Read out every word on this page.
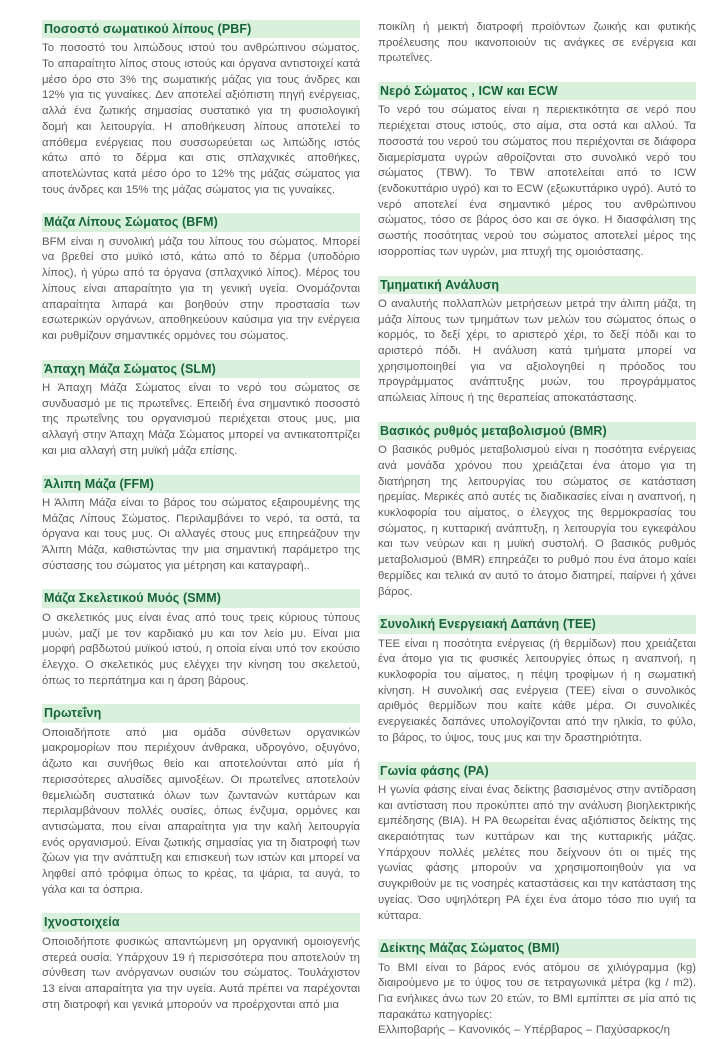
Ποσοστό σωματικού λίπους (PBF)

Το ποσοστό του λιπώδους ιστού του ανθρώπινου σώματος. Το απαραίτητο λίπος στους ιστούς και όργανα αντιστοιχεί κατά μέσο όρο στο 3% της σωματικής μάζας για τους άνδρες και 12% για τις γυναίκες. Δεν αποτελεί αξιόπιστη πηγή ενέργειας, αλλά ένα ζωτικής σημασίας συστατικό για τη φυσιολογική δομή και λειτουργία. Η αποθήκευση λίπους αποτελεί το απόθεμα ενέργειας που συσσωρεύεται ως λιπώδης ιστός κάτω από το δέρμα και στις σπλαχνικές αποθήκες, αποτελώντας κατά μέσο όρο το 12% της μάζας σώματος για τους άνδρες και 15% της μάζας σώματος για τις γυναίκες.

Μάζα Λίπους Σώματος (BFM)

BFM είναι η συνολική μάζα του λίπους του σώματος. Μπορεί να βρεθεί στο μυϊκό ιστό, κάτω από το δέρμα (υποδόριο λίπος), ή γύρω από τα όργανα (σπλαχνικό λίπος). Μέρος του λίπους είναι απαραίτητο για τη γενική υγεία. Ονομάζονται απαραίτητα λιπαρά και βοηθούν στην προστασία των εσωτερικών οργάνων, αποθηκεύουν καύσιμα για την ενέργεια και ρυθμίζουν σημαντικές ορμόνες του σώματος.

Άπαχη Μάζα Σώματος (SLM)

Η Άπαχη Μάζα Σώματος είναι το νερό του σώματος σε συνδυασμό με τις πρωτεΐνες. Επειδή ένα σημαντικό ποσοστό της πρωτεΐνης του οργανισμού περιέχεται στους μυς, μια αλλαγή στην Άπαχη Μάζα Σώματος μπορεί να αντικατοπτρίζει και μια αλλαγή στη μυϊκή μάζα επίσης.

Άλιπη Μάζα (FFM)

Η Άλιπη Μάζα είναι το βάρος του σώματος εξαιρουμένης της Μάζας Λίπους Σώματος. Περιλαμβάνει το νερό, τα οστά, τα όργανα και τους μυς. Οι αλλαγές στους μυς επηρεάζουν την Άλιπη Μάζα, καθιστώντας την μια σημαντική παράμετρο της σύστασης του σώματος για μέτρηση και καταγραφή..

Μάζα Σκελετικού Μυός (SMM)

Ο σκελετικός μυς είναι ένας από τους τρεις κύριους τύπους μυών, μαζί με τον καρδιακό μυ και τον λείο μυ. Είναι μια μορφή ραβδωτού μυϊκού ιστού, η οποία είναι υπό τον εκούσιο έλεγχο. Ο σκελετικός μυς ελέγχει την κίνηση του σκελετού, όπως το περπάτημα και η άρση βάρους.

Πρωτεΐνη

Οποιαδήποτε από μια ομάδα σύνθετων οργανικών μακρομορίων που περιέχουν άνθρακα, υδρογόνο, οξυγόνο, άζωτο και συνήθως θείο και αποτελούνται από μία ή περισσότερες αλυσίδες αμινοξέων. Οι πρωτεΐνες αποτελούν θεμελιώδη συστατικά όλων των ζωντανών κυττάρων και περιλαμβάνουν πολλές ουσίες, όπως ένζυμα, ορμόνες και αντισώματα, που είναι απαραίτητα για την καλή λειτουργία ενός οργανισμού. Είναι ζωτικής σημασίας για τη διατροφή των ζώων για την ανάπτυξη και επισκευή των ιστών και μπορεί να ληφθεί από τρόφιμα όπως το κρέας, τα ψάρια, τα αυγά, το γάλα και τα όσπρια.

Ιχνοστοιχεία

Οποιοδήποτε φυσικώς απαντώμενη μη οργανική ομοιογενής στερεά ουσία. Υπάρχουν 19 ή περισσότερα που αποτελούν τη σύνθεση των ανόργανων ουσιών του σώματος. Τουλάχιστον 13 είναι απαραίτητα για την υγεία. Αυτά πρέπει να παρέχονται στη διατροφή και γενικά μπορούν να προέρχονται από μια

ποικίλη ή μεικτή διατροφή προϊόντων ζωικής και φυτικής προέλευσης που ικανοποιούν τις ανάγκες σε ενέργεια και πρωτεΐνες.

Νερό Σώματος , ICW και ECW

Το νερό του σώματος είναι η περιεκτικότητα σε νερό που περιέχεται στους ιστούς, στο αίμα, στα οστά και αλλού. Τα ποσοστά του νερού του σώματος που περιέχονται σε διάφορα διαμερίσματα υγρών αθροίζονται στο συνολικό νερό του σώματος (TBW). Το TBW αποτελείται από το ICW (ενδοκυττάριο υγρό) και το ECW (εξωκυττάρικο υγρό). Αυτό το νερό αποτελεί ένα σημαντικό μέρος του ανθρώπινου σώματος, τόσο σε βάρος όσο και σε όγκο. Η διασφάλιση της σωστής ποσότητας νερού του σώματος αποτελεί μέρος της ισορροπίας των υγρών, μια πτυχή της ομοιόστασης.

Τμηματική Ανάλυση

Ο αναλυτής πολλαπλών μετρήσεων μετρά την άλιπη μάζα, τη μάζα λίπους των τμημάτων των μελών του σώματος όπως ο κορμός, το δεξί χέρι, το αριστερό χέρι, το δεξί πόδι και το αριστερό πόδι. Η ανάλυση κατά τμήματα μπορεί να χρησιμοποιηθεί για να αξιολογηθεί η πρόοδος του προγράμματος ανάπτυξης μυών, του προγράμματος απώλειας λίπους ή της θεραπείας αποκατάστασης.

Βασικός ρυθμός μεταβολισμού (BMR)

Ο βασικός ρυθμός μεταβολισμού είναι η ποσότητα ενέργειας ανά μονάδα χρόνου που χρειάζεται ένα άτομο για τη διατήρηση της λειτουργίας του σώματος σε κατάσταση ηρεμίας. Μερικές από αυτές τις διαδικασίες είναι η αναπνοή, η κυκλοφορία του αίματος, ο έλεγχος της θερμοκρασίας του σώματος, η κυτταρική ανάπτυξη, η λειτουργία του εγκεφάλου και των νεύρων και η μυϊκή συστολή. Ο βασικός ρυθμός μεταβολισμού (BMR) επηρεάζει το ρυθμό που ένα άτομο καίει θερμίδες και τελικά αν αυτό το άτομο διατηρεί, παίρνει ή χάνει βάρος.

Συνολική Ενεργειακή Δαπάνη (TEE)

TEE είναι η ποσότητα ενέργειας (ή θερμίδων) που χρειάζεται ένα άτομο για τις φυσικές λειτουργίες όπως η αναπνοή, η κυκλοφορία του αίματος, η πέψη τροφίμων ή η σωματική κίνηση. Η συνολική σας ενέργεια (TEE) είναι ο συνολικός αριθμός θερμίδων που καίτε κάθε μέρα. Οι συνολικές ενεργειακές δαπάνες υπολογίζονται από την ηλικία, το φύλο, το βάρος, το ύψος, τους μυς και την δραστηριότητα.

Γωνία φάσης (PA)

Η γωνία φάσης είναι ένας δείκτης βασισμένος στην αντίδραση και αντίσταση που προκύπτει από την ανάλυση βιοηλεκτρικής εμπέδησης (BIA). Η PA θεωρείται ένας αξιόπιστος δείκτης της ακεραιότητας των κυττάρων και της κυτταρικής μάζας. Υπάρχουν πολλές μελέτες που δείχνουν ότι οι τιμές της γωνίας φάσης μπορούν να χρησιμοποιηθούν για να συγκριθούν με τις νοσηρές καταστάσεις και την κατάσταση της υγείας. Όσο υψηλότερη PA έχει ένα άτομο τόσο πιο υγιή τα κύτταρα.

Δείκτης Μάζας Σώματος (BMI)

Το BMI είναι το βάρος ενός ατόμου σε χιλιόγραμμα (kg) διαιρούμενο με το ύψος του σε τετραγωνικά μέτρα (kg / m2). Για ενήλικες άνω των 20 ετών, το BMI εμπίπτει σε μία από τις παρακάτω κατηγορίες:

Ελλιποβαρής – Κανονικός – Υπέρβαρος – Παχύσαρκος/η
